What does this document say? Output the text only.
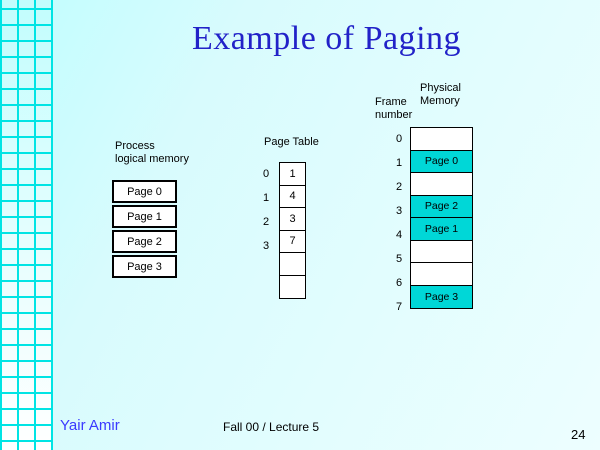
Example of Paging
Process
logical memory
Page 0
Page 1
Page 2
Page 3
Page Table
0
1
2
3
1
4
3
7
Physical
Memory
Frame
number
0
1
2
3
4
5
6
7
Page 0
Page 2
Page 1
Page 3
Yair Amir	Fall 00 / Lecture 5	24
